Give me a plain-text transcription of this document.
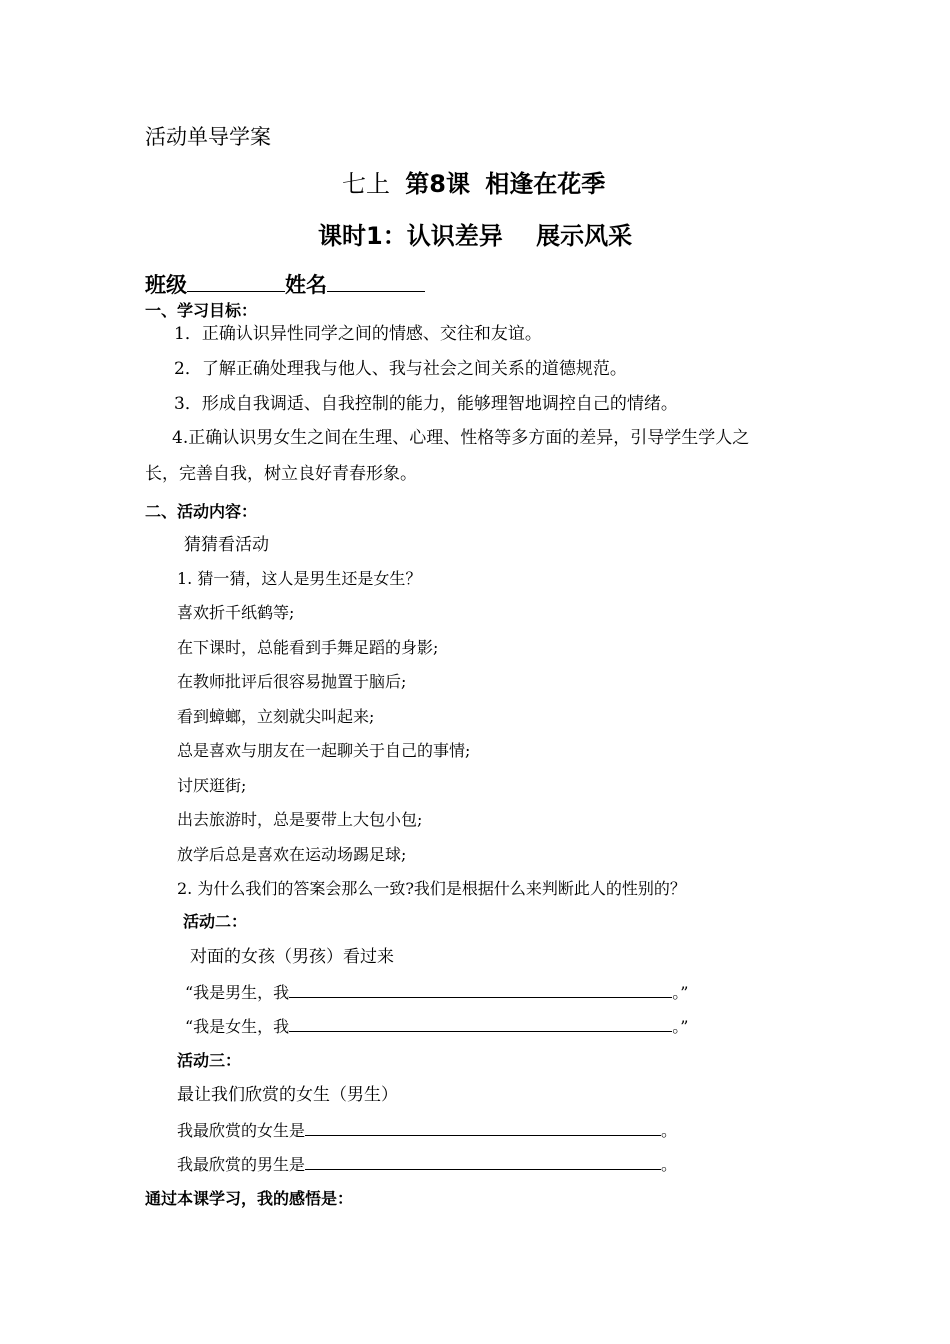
活动单导学案
七上 第8课 相逢在花季
课时1：认识差异    展示风采
班级	姓名
一、学习目标：
1．正确认识异性同学之间的情感、交往和友谊。
2．了解正确处理我与他人、我与社会之间关系的道德规范。
3．形成自我调适、自我控制的能力，能够理智地调控自己的情绪。
4.正确认识男女生之间在生理、心理、性格等多方面的差异，引导学生学人之
长，完善自我，树立良好青春形象。
二、活动内容：
猜猜看活动
1. 猜一猜，这人是男生还是女生？
喜欢折千纸鹤等;
在下课时，总能看到手舞足蹈的身影;
在教师批评后很容易抛置于脑后;
看到蟑螂，立刻就尖叫起来;
总是喜欢与朋友在一起聊关于自己的事情;
讨厌逛街;
出去旅游时，总是要带上大包小包;
放学后总是喜欢在运动场踢足球;
2. 为什么我们的答案会那么一致?我们是根据什么来判断此人的性别的？
活动二：
对面的女孩（男孩）看过来
“我是男生，我	。”
“我是女生，我	。”
活动三：
最让我们欣赏的女生（男生）
我最欣赏的女生是	。
我最欣赏的男生是	。
通过本课学习，我的感悟是：
